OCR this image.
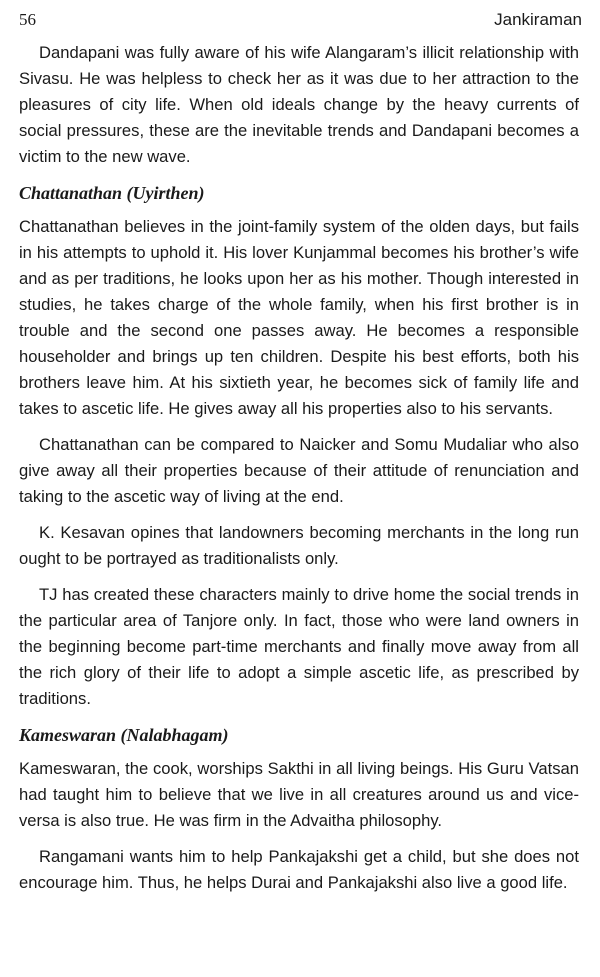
56	Jankiraman

Dandapani was fully aware of his wife Alangaram’s illicit relationship with Sivasu. He was helpless to check her as it was due to her attraction to the pleasures of city life. When old ideals change by the heavy currents of social pressures, these are the inevitable trends and Dandapani becomes a victim to the new wave.

Chattanathan (Uyirthen)

Chattanathan believes in the joint-family system of the olden days, but fails in his attempts to uphold it. His lover Kunjammal becomes his brother’s wife and as per traditions, he looks upon her as his mother. Though interested in studies, he takes charge of the whole family, when his first brother is in trouble and the second one passes away. He becomes a responsible householder and brings up ten children. Despite his best efforts, both his brothers leave him. At his sixtieth year, he becomes sick of family life and takes to ascetic life. He gives away all his properties also to his servants.

Chattanathan can be compared to Naicker and Somu Mudaliar who also give away all their properties because of their attitude of renunciation and taking to the ascetic way of living at the end.

K. Kesavan opines that landowners becoming merchants in the long run ought to be portrayed as traditionalists only.

TJ has created these characters mainly to drive home the social trends in the particular area of Tanjore only. In fact, those who were land owners in the beginning become part-time merchants and finally move away from all the rich glory of their life to adopt a simple ascetic life, as prescribed by traditions.

Kameswaran (Nalabhagam)

Kameswaran, the cook, worships Sakthi in all living beings. His Guru Vatsan had taught him to believe that we live in all creatures around us and vice-versa is also true. He was firm in the Advaitha philosophy.

Rangamani wants him to help Pankajakshi get a child, but she does not encourage him. Thus, he helps Durai and Pankajakshi also live a good life.
